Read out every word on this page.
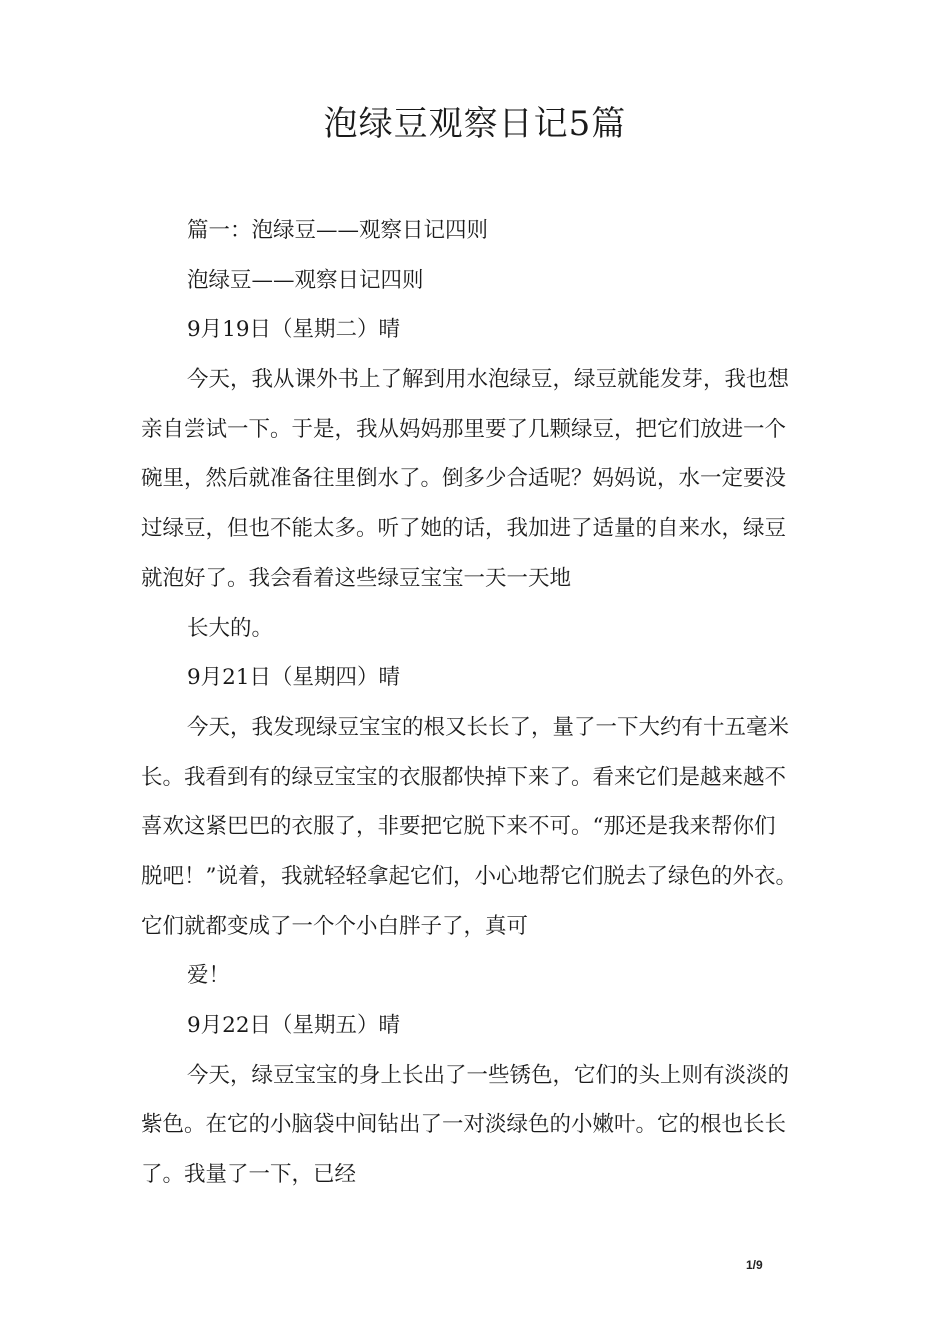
泡绿豆观察日记5篇
篇一：泡绿豆——观察日记四则
泡绿豆——观察日记四则
9月19日（星期二）晴
今天，我从课外书上了解到用水泡绿豆，绿豆就能发芽，我也想
亲自尝试一下。于是，我从妈妈那里要了几颗绿豆，把它们放进一个
碗里，然后就准备往里倒水了。倒多少合适呢？妈妈说，水一定要没
过绿豆，但也不能太多。听了她的话，我加进了适量的自来水，绿豆
就泡好了。我会看着这些绿豆宝宝一天一天地
长大的。
9月21日（星期四）晴
今天，我发现绿豆宝宝的根又长长了，量了一下大约有十五毫米
长。我看到有的绿豆宝宝的衣服都快掉下来了。看来它们是越来越不
喜欢这紧巴巴的衣服了，非要把它脱下来不可。“那还是我来帮你们
脱吧！”说着，我就轻轻拿起它们，小心地帮它们脱去了绿色的外衣。
它们就都变成了一个个小白胖子了，真可
爱！
9月22日（星期五）晴
今天，绿豆宝宝的身上长出了一些锈色，它们的头上则有淡淡的
紫色。在它的小脑袋中间钻出了一对淡绿色的小嫩叶。它的根也长长
了。我量了一下，已经
1/9
